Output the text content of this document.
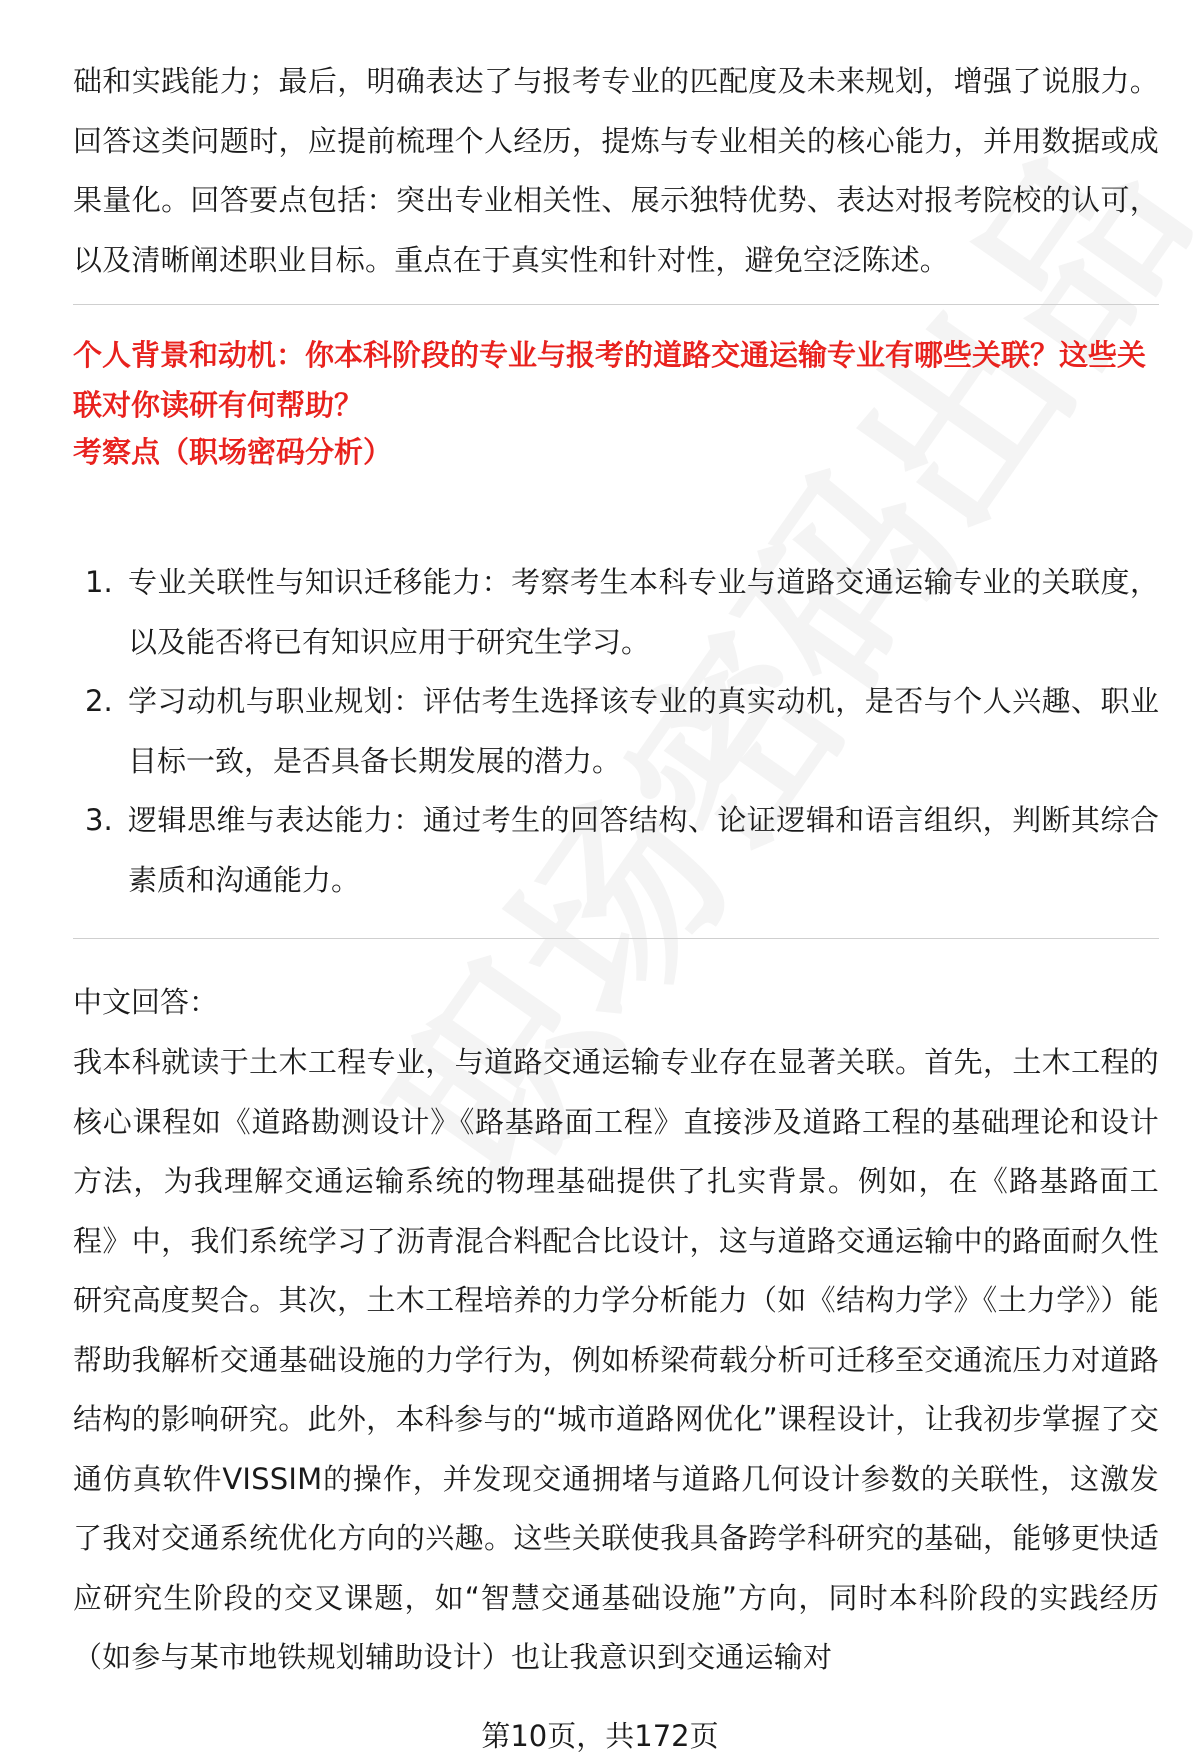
础和实践能力；最后，明确表达了与报考专业的匹配度及未来规划，增强了说服力。回答这类问题时，应提前梳理个人经历，提炼与专业相关的核心能力，并用数据或成果量化。回答要点包括：突出专业相关性、展示独特优势、表达对报考院校的认可，以及清晰阐述职业目标。重点在于真实性和针对性，避免空泛陈述。

个人背景和动机：你本科阶段的专业与报考的道路交通运输专业有哪些关联？这些关联对你读研有何帮助？

考察点（职场密码分析）

1. 专业关联性与知识迁移能力：考察考生本科专业与道路交通运输专业的关联度，以及能否将已有知识应用于研究生学习。
2. 学习动机与职业规划：评估考生选择该专业的真实动机，是否与个人兴趣、职业目标一致，是否具备长期发展的潜力。
3. 逻辑思维与表达能力：通过考生的回答结构、论证逻辑和语言组织，判断其综合素质和沟通能力。

中文回答：

我本科就读于土木工程专业，与道路交通运输专业存在显著关联。首先，土木工程的核心课程如《道路勘测设计》《路基路面工程》直接涉及道路工程的基础理论和设计方法，为我理解交通运输系统的物理基础提供了扎实背景。例如，在《路基路面工程》中，我们系统学习了沥青混合料配合比设计，这与道路交通运输中的路面耐久性研究高度契合。其次，土木工程培养的力学分析能力（如《结构力学》《土力学》）能帮助我解析交通基础设施的力学行为，例如桥梁荷载分析可迁移至交通流压力对道路结构的影响研究。此外，本科参与的“城市道路网优化”课程设计，让我初步掌握了交通仿真软件VISSIM的操作，并发现交通拥堵与道路几何设计参数的关联性，这激发了我对交通系统优化方向的兴趣。这些关联使我具备跨学科研究的基础，能够更快适应研究生阶段的交叉课题，如“智慧交通基础设施”方向，同时本科阶段的实践经历（如参与某市地铁规划辅助设计）也让我意识到交通运输对

第10页，共172页
